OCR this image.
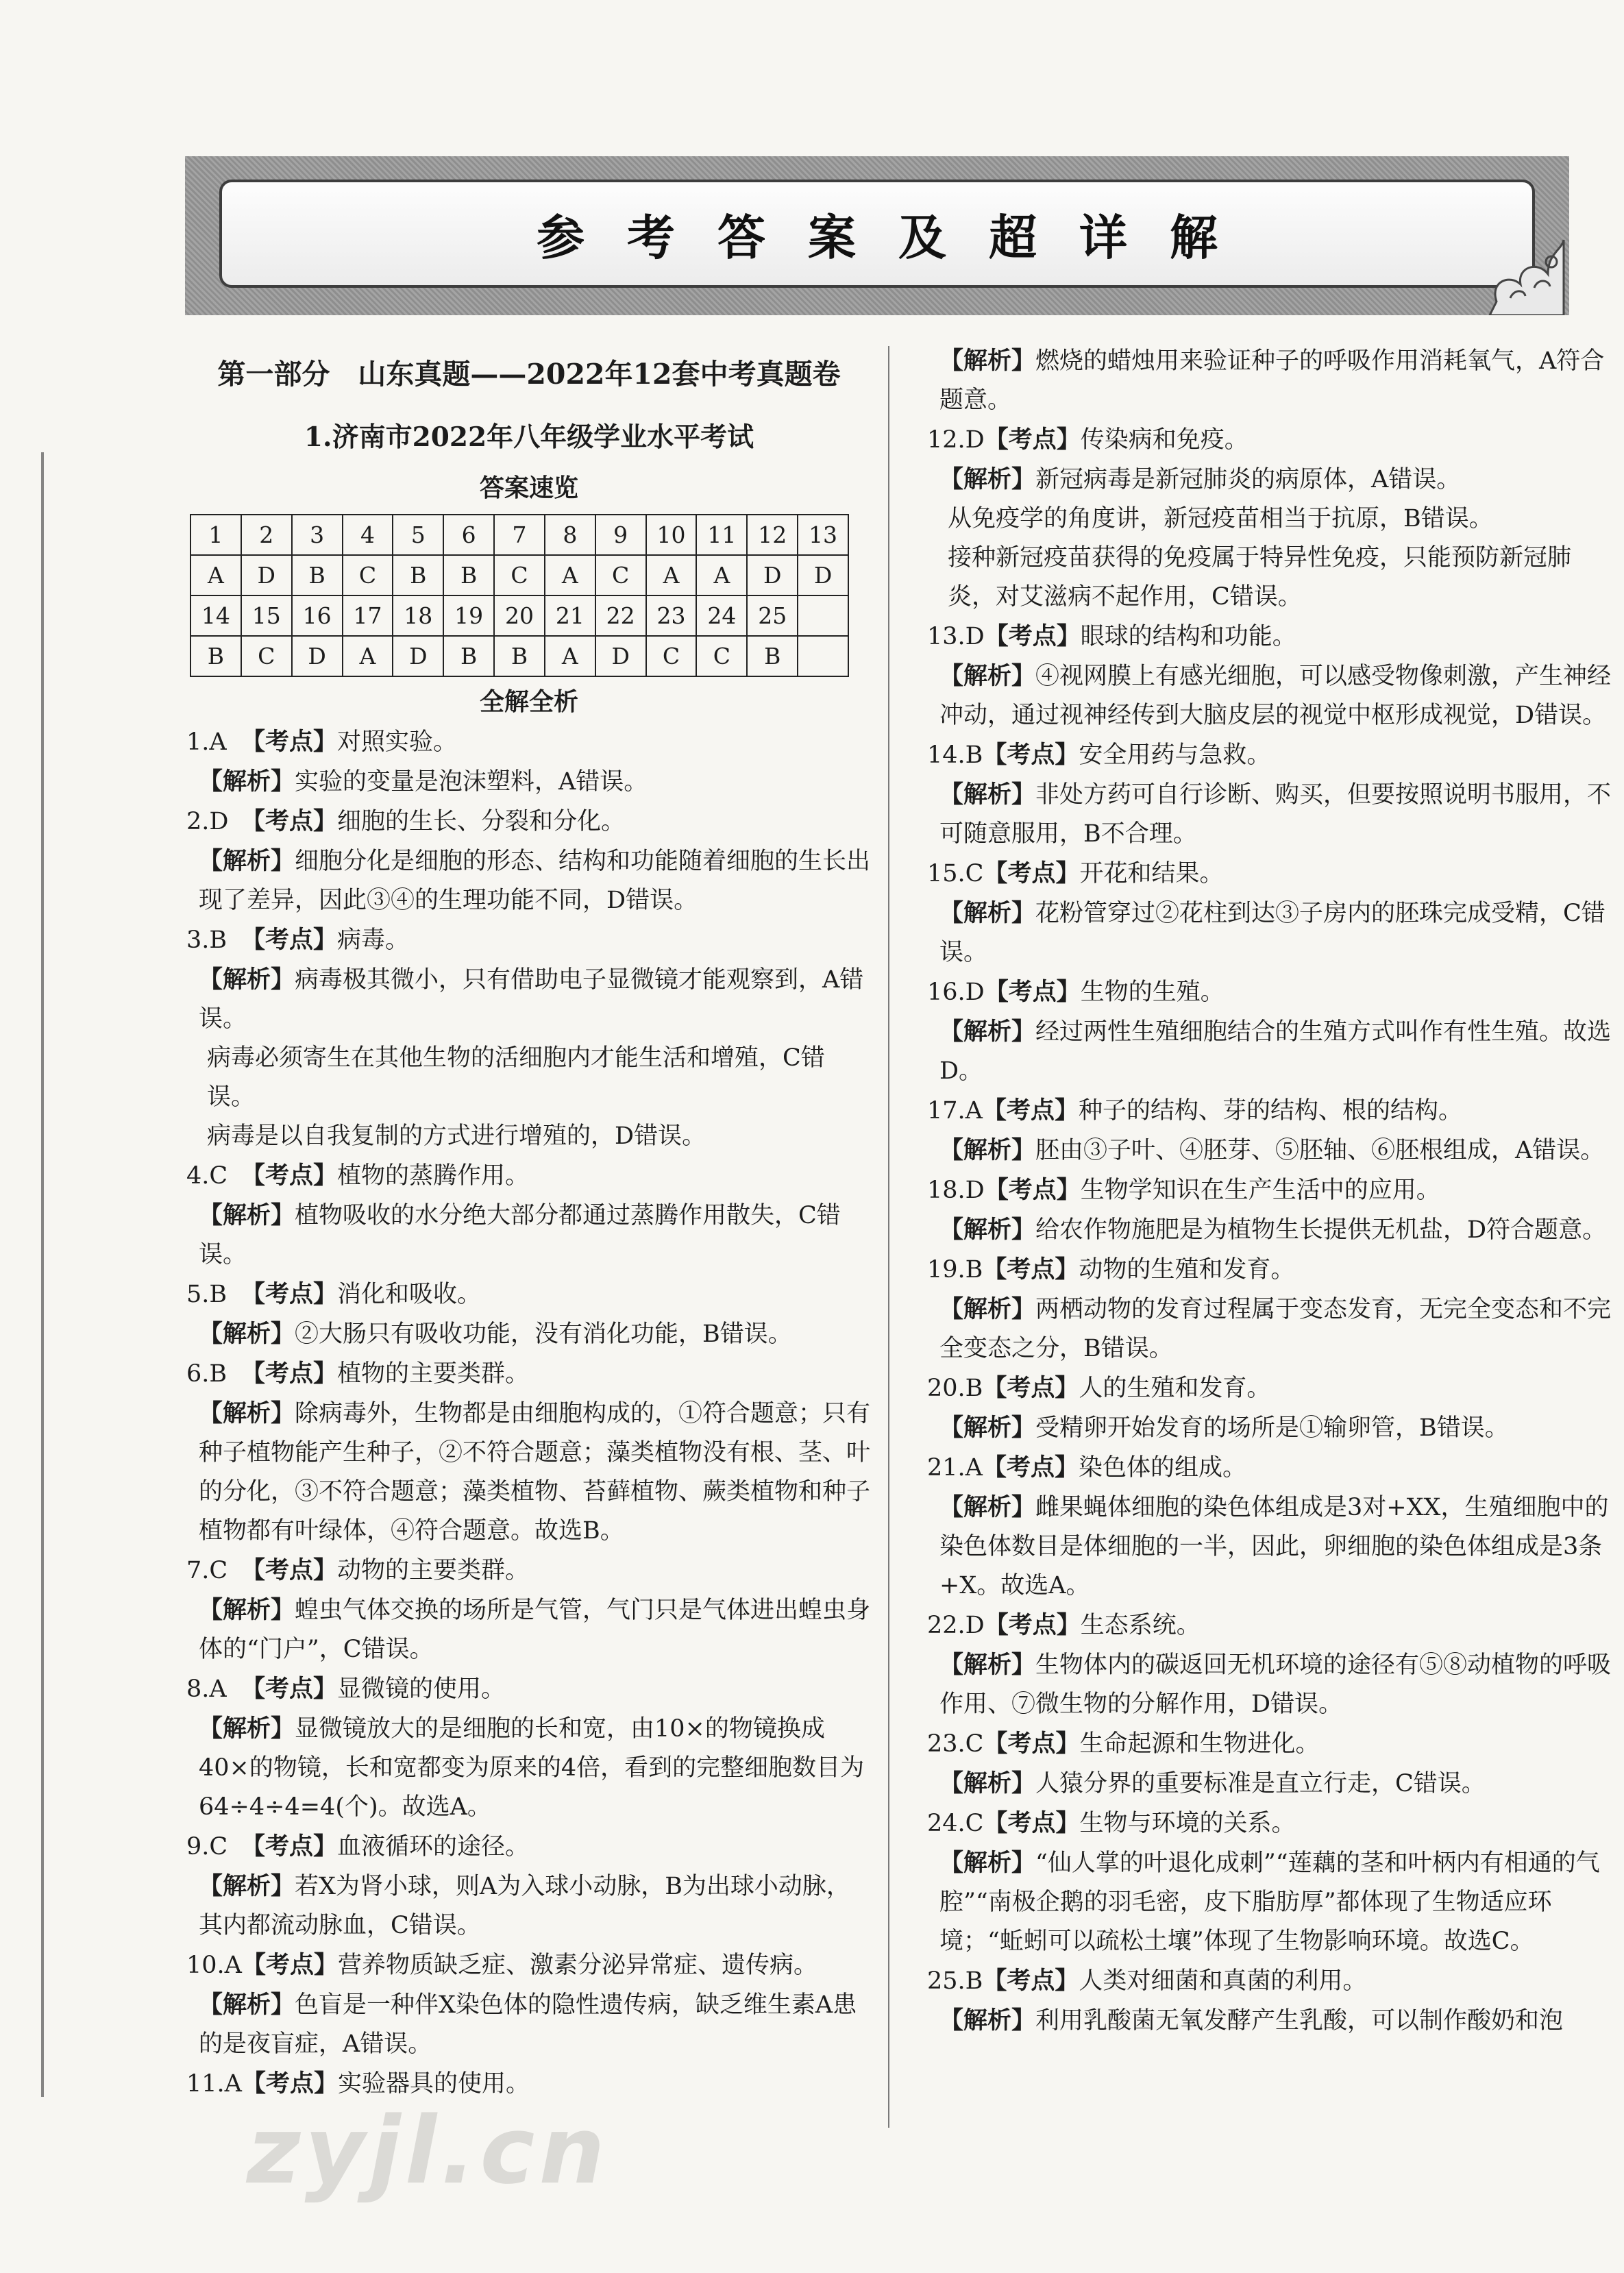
参考答案及超详解
第一部分　山东真题——2022年12套中考真题卷
1.济南市2022年八年级学业水平考试
答案速览
1	2	3	4	5	6	7	8	9	10	11	12	13
A	D	B	C	B	B	C	A	C	A	A	D	D
14	15	16	17	18	19	20	21	22	23	24	25	
B	C	D	A	D	B	B	A	D	C	C	B	
全解全析
1.A 【考点】对照实验。
【解析】实验的变量是泡沫塑料，A错误。
2.D 【考点】细胞的生长、分裂和分化。
【解析】细胞分化是细胞的形态、结构和功能随着细胞的生长出现了差异，因此③④的生理功能不同，D错误。
3.B 【考点】病毒。
【解析】病毒极其微小，只有借助电子显微镜才能观察到，A错误。
病毒必须寄生在其他生物的活细胞内才能生活和增殖，C错误。
病毒是以自我复制的方式进行增殖的，D错误。
4.C 【考点】植物的蒸腾作用。
【解析】植物吸收的水分绝大部分都通过蒸腾作用散失，C错误。
5.B 【考点】消化和吸收。
【解析】②大肠只有吸收功能，没有消化功能，B错误。
6.B 【考点】植物的主要类群。
【解析】除病毒外，生物都是由细胞构成的，①符合题意；只有种子植物能产生种子，②不符合题意；藻类植物没有根、茎、叶的分化，③不符合题意；藻类植物、苔藓植物、蕨类植物和种子植物都有叶绿体，④符合题意。故选B。
7.C 【考点】动物的主要类群。
【解析】蝗虫气体交换的场所是气管，气门只是气体进出蝗虫身体的“门户”，C错误。
8.A 【考点】显微镜的使用。
【解析】显微镜放大的是细胞的长和宽，由10×的物镜换成40×的物镜，长和宽都变为原来的4倍，看到的完整细胞数目为64÷4÷4=4(个)。故选A。
9.C 【考点】血液循环的途径。
【解析】若X为肾小球，则A为入球小动脉，B为出球小动脉，其内都流动脉血，C错误。
10.A【考点】营养物质缺乏症、激素分泌异常症、遗传病。
【解析】色盲是一种伴X染色体的隐性遗传病，缺乏维生素A患的是夜盲症，A错误。
11.A【考点】实验器具的使用。
【解析】燃烧的蜡烛用来验证种子的呼吸作用消耗氧气，A符合题意。
12.D【考点】传染病和免疫。
【解析】新冠病毒是新冠肺炎的病原体，A错误。
从免疫学的角度讲，新冠疫苗相当于抗原，B错误。
接种新冠疫苗获得的免疫属于特异性免疫，只能预防新冠肺炎，对艾滋病不起作用，C错误。
13.D【考点】眼球的结构和功能。
【解析】④视网膜上有感光细胞，可以感受物像刺激，产生神经冲动，通过视神经传到大脑皮层的视觉中枢形成视觉，D错误。
14.B【考点】安全用药与急救。
【解析】非处方药可自行诊断、购买，但要按照说明书服用，不可随意服用，B不合理。
15.C【考点】开花和结果。
【解析】花粉管穿过②花柱到达③子房内的胚珠完成受精，C错误。
16.D【考点】生物的生殖。
【解析】经过两性生殖细胞结合的生殖方式叫作有性生殖。故选D。
17.A【考点】种子的结构、芽的结构、根的结构。
【解析】胚由③子叶、④胚芽、⑤胚轴、⑥胚根组成，A错误。
18.D【考点】生物学知识在生产生活中的应用。
【解析】给农作物施肥是为植物生长提供无机盐，D符合题意。
19.B【考点】动物的生殖和发育。
【解析】两栖动物的发育过程属于变态发育，无完全变态和不完全变态之分，B错误。
20.B【考点】人的生殖和发育。
【解析】受精卵开始发育的场所是①输卵管，B错误。
21.A【考点】染色体的组成。
【解析】雌果蝇体细胞的染色体组成是3对+XX，生殖细胞中的染色体数目是体细胞的一半，因此，卵细胞的染色体组成是3条+X。故选A。
22.D【考点】生态系统。
【解析】生物体内的碳返回无机环境的途径有⑤⑧动植物的呼吸作用、⑦微生物的分解作用，D错误。
23.C【考点】生命起源和生物进化。
【解析】人猿分界的重要标准是直立行走，C错误。
24.C【考点】生物与环境的关系。
【解析】“仙人掌的叶退化成刺”“莲藕的茎和叶柄内有相通的气腔”“南极企鹅的羽毛密，皮下脂肪厚”都体现了生物适应环境；“蚯蚓可以疏松土壤”体现了生物影响环境。故选C。
25.B【考点】人类对细菌和真菌的利用。
【解析】利用乳酸菌无氧发酵产生乳酸，可以制作酸奶和泡
zyjl.cn
